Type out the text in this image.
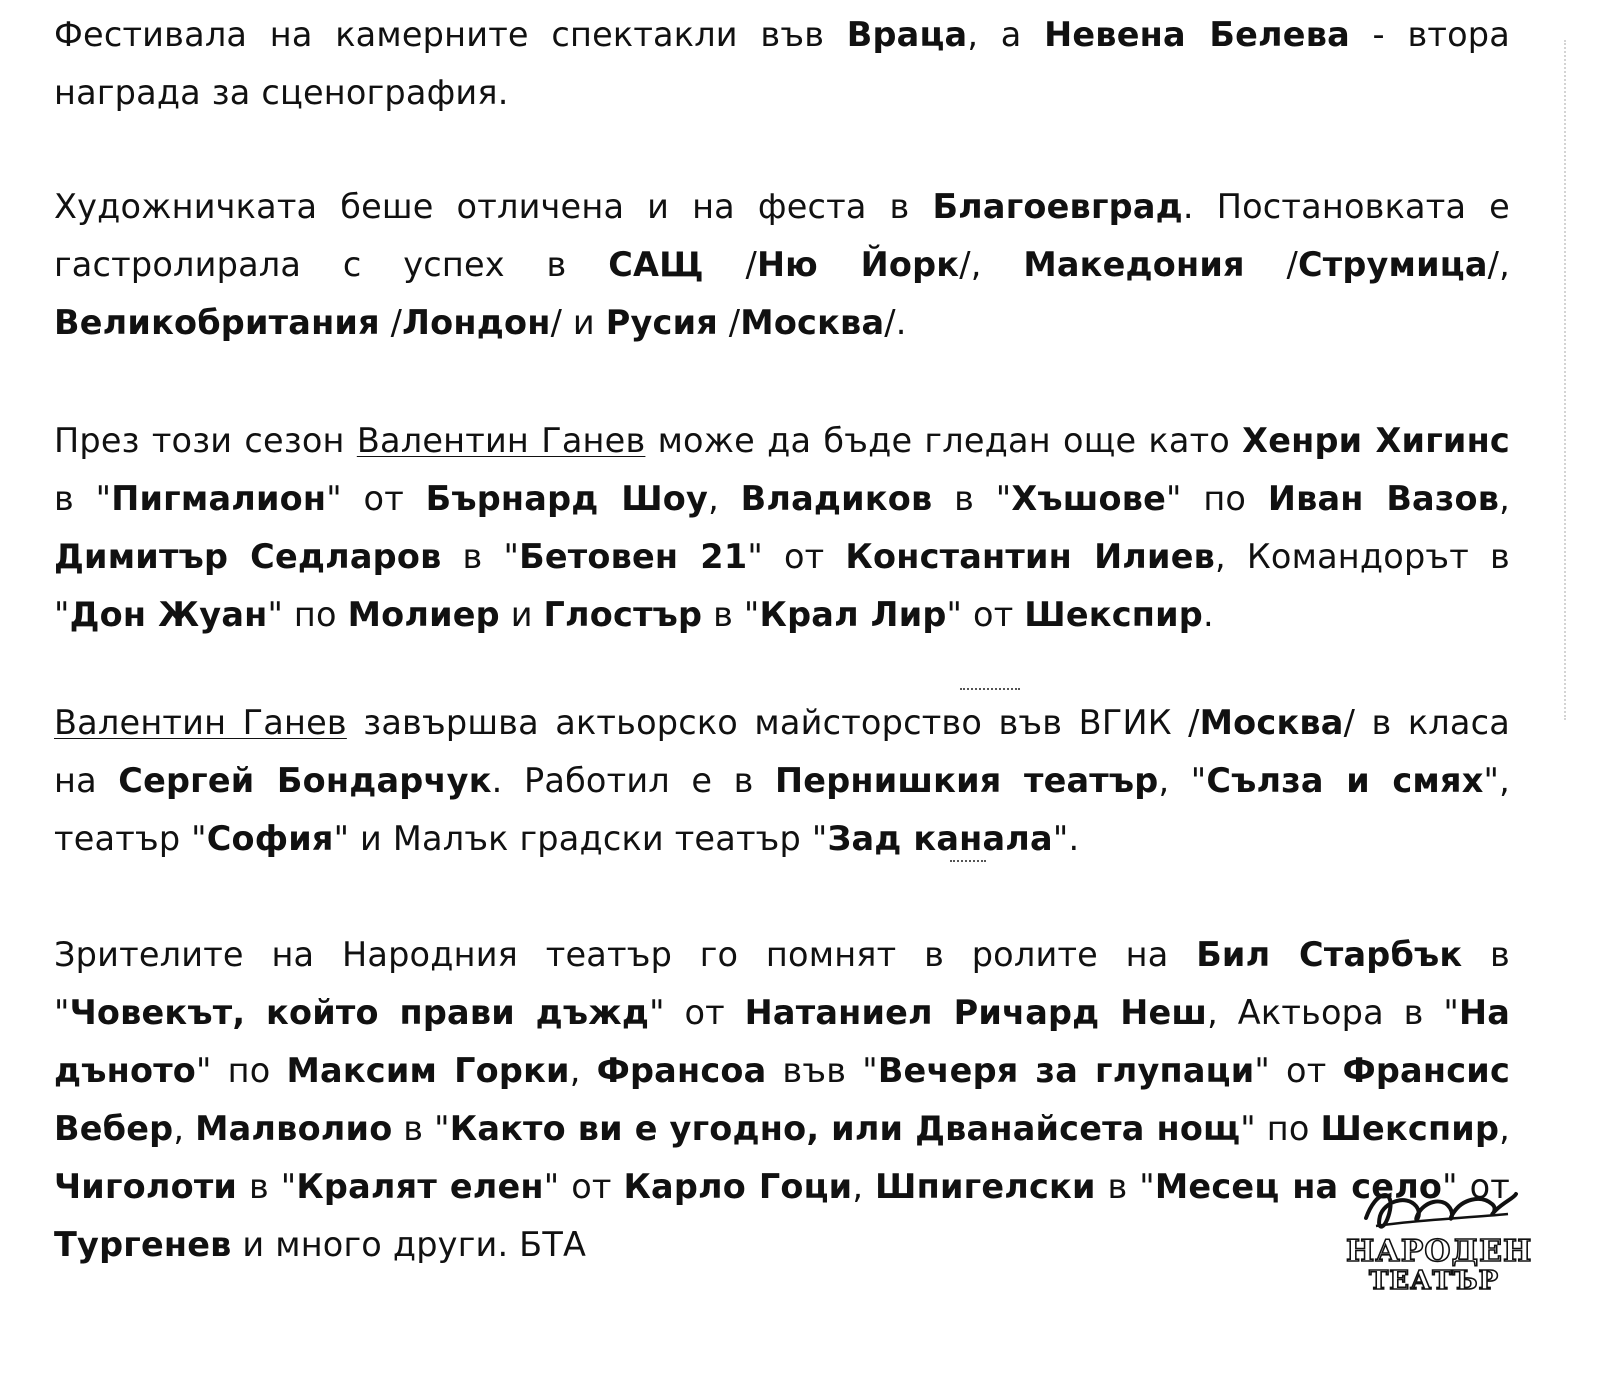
Фестивала на камерните спектакли във Враца, а Невена Белева - втора награда за сценография.

Художничката беше отличена и на феста в Благоевград. Постановката е гастролирала с успех в САЩ /Ню Йорк/, Македония /Струмица/, Великобритания /Лондон/ и Русия /Москва/.

През този сезон Валентин Ганев може да бъде гледан още като Хенри Хигинс в "Пигмалион" от Бърнард Шоу, Владиков в "Хъшове" по Иван Вазов, Димитър Седларов в "Бетовен 21" от Константин Илиев, Командорът в "Дон Жуан" по Молиер и Глостър в "Крал Лир" от Шекспир.

Валентин Ганев завършва актьорско майсторство във ВГИК /Москва/ в класа на Сергей Бондарчук. Работил е в Пернишкия театър, "Сълза и смях", театър "София" и Малък градски театър "Зад канала".

Зрителите на Народния театър го помнят в ролите на Бил Старбък в "Човекът, който прави дъжд" от Натаниел Ричард Неш, Актьора в "На дъното" по Максим Горки, Франсоа във "Вечеря за глупаци" от Франсис Вебер, Малволио в "Както ви е угодно, или Дванайсета нощ" по Шекспир, Чиголоти в "Кралят елен" от Карло Гоци, Шпигелски в "Месец на село" от Тургенев и много други. БТА	НАРОДЕН
ТЕАТЪР
